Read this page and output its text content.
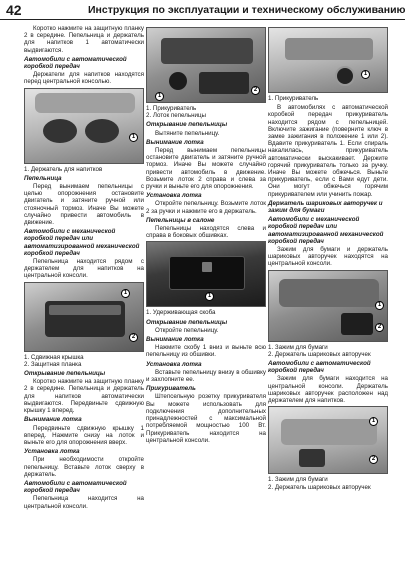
42	Инструкция по эксплуатации и техническому обслуживанию
Коротко нажмите на защитную планку 2 в середине. Пепельница и держатель для напитков 1 автоматически выдвигаются.
Автомобили с автоматической коробкой передач
Держатели для напитков находятся перед центральной консолью.
1
1. Держатель для напитков
Пепельница
Перед вынимаем пепельницы с целью опорожнения остановите двигатель и затяните ручной или стояночный тормоз. Иначе Вы можете случайно привести автомобиль в движение.
Автомобили с механической коробкой передач или автоматизированной механической коробкой передач
Пепельница находится рядом с держателем для напитков на центральной консоли.
1
2
1. Сдвижная крышка
2. Защитная планка
Открывание пепельницы
Коротко нажмите на защитную планку 2 в середине. Пепельница и держатель для напитков автоматически выдвигаются. Передвиньте сдвижную крышку 1 вперед.
Вынимание лотка
Передвиньте сдвижную крышку 1 вперед. Нажмите снизу на лоток и выньте его для опорожнения вверх.
Установка лотка
При необходимости откройте пепельницу. Вставьте лоток сверху в держатель.
Автомобили с автоматической коробкой передач
Пепельница находится на центральной консоли.
1
2
1. Прикуриватель
2. Лоток пепельницы
Открывание пепельницы
Вытяните пепельницу.
Вынимание лотка
Перед вынимаем пепельницы остановите двигатель и затяните ручной тормоз. Иначе Вы можете случайно привести автомобиль в движение. Возьмите лоток 2 справа и слева за ручки и выньте его для опорожнения.
Установка лотка
Откройте пепельницу. Возьмите лоток 2 за ручки и нажмите его в держатель.
Пепельницы в салоне
Пепельницы находятся слева и справа в боковых обшивках.
1
1. Удерживающая скоба
Открывание пепельницы
Откройте пепельницу.
Вынимание лотка
Нажмите скобу 1 вниз и выньте всю пепельницу из обшивки.
Установка лотка
Вставьте пепельницу внизу в обшивку и захлопните ее.
Прикуриватель
Штепсельную розетку прикуривателя Вы можете использовать для подключения дополнительных принадлежностей с максимальной потребляемой мощностью 100 Вт. Прикуриватель находится на центральной консоли.
1
1. Прикуриватель
В автомобилях с автоматической коробкой передач прикуриватель находится рядом с пепельницей. Включите зажигание (поверните ключ в замке зажигания в положение 1 или 2). Вдавите прикуриватель 1. Если спираль накалилась, прикуриватель автоматически выскакивает. Держите горячий прикуриватель только за ручку. Иначе Вы можете обжечься. Выньте прикуриватель, если с Вами едут дети. Они могут обжечься горячим прикуривателем или учинить пожар.
Держатель шариковых авторучек и зажим для бумаги
Автомобили с механической коробкой передач или автоматизированной механической коробкой передач
Зажим для бумаги и держатель шариковых авторучек находятся на центральной консоли.
1
2
1. Зажим для бумаги
2. Держатель шариковых авторучек
Автомобили с автоматической коробкой передач
Зажим для бумаги находится на центральной консоли. Держатель шариковых авторучек расположен над держателем для напитков.
1
2
1. Зажим для бумаги
2. Держатель шариковых авторучек
